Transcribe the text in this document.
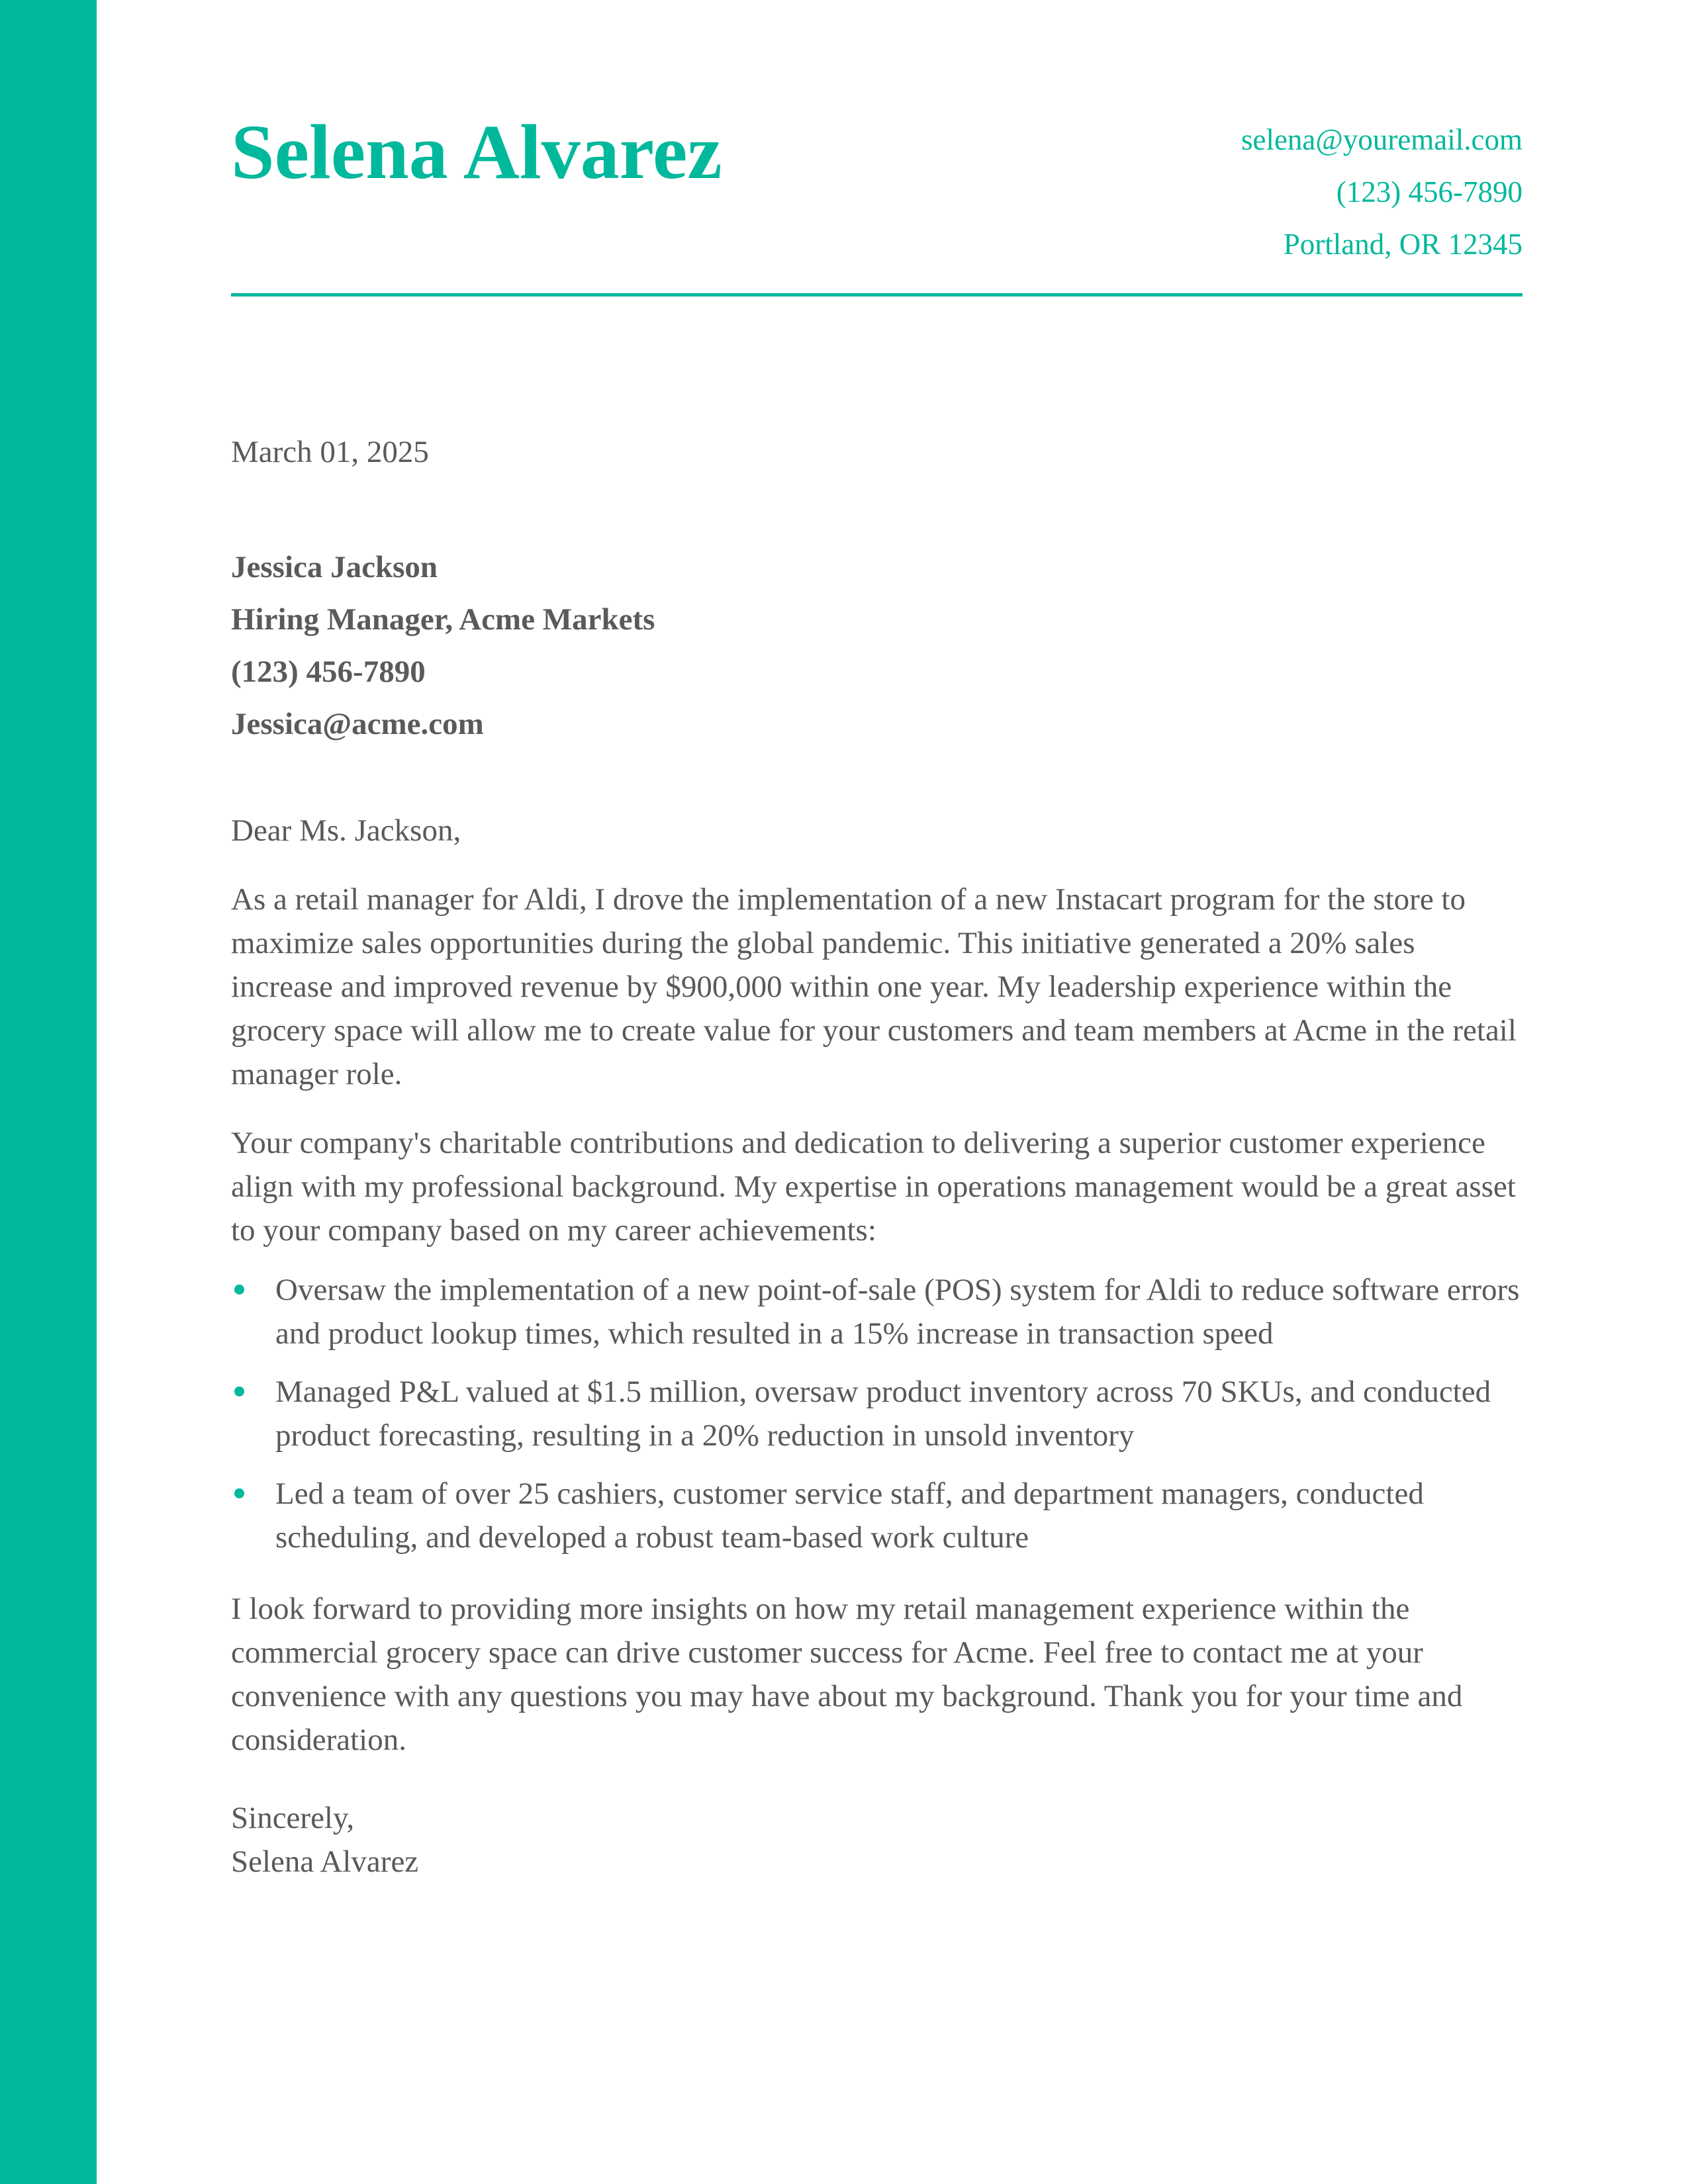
Selena Alvarez	selena@youremail.com
(123) 456-7890
Portland, OR 12345
March 01, 2025
Jessica Jackson
Hiring Manager, Acme Markets
(123) 456-7890
Jessica@acme.com

Dear Ms. Jackson,

As a retail manager for Aldi, I drove the implementation of a new Instacart program for the store to maximize sales opportunities during the global pandemic. This initiative generated a 20% sales increase and improved revenue by $900,000 within one year. My leadership experience within the grocery space will allow me to create value for your customers and team members at Acme in the retail manager role.

Your company's charitable contributions and dedication to delivering a superior customer experience align with my professional background. My expertise in operations management would be a great asset to your company based on my career achievements:

Oversaw the implementation of a new point-of-sale (POS) system for Aldi to reduce software errors and product lookup times, which resulted in a 15% increase in transaction speed
Managed P&L valued at $1.5 million, oversaw product inventory across 70 SKUs, and conducted product forecasting, resulting in a 20% reduction in unsold inventory
Led a team of over 25 cashiers, customer service staff, and department managers, conducted scheduling, and developed a robust team-based work culture

I look forward to providing more insights on how my retail management experience within the commercial grocery space can drive customer success for Acme. Feel free to contact me at your convenience with any questions you may have about my background. Thank you for your time and consideration.

Sincerely,
Selena Alvarez
